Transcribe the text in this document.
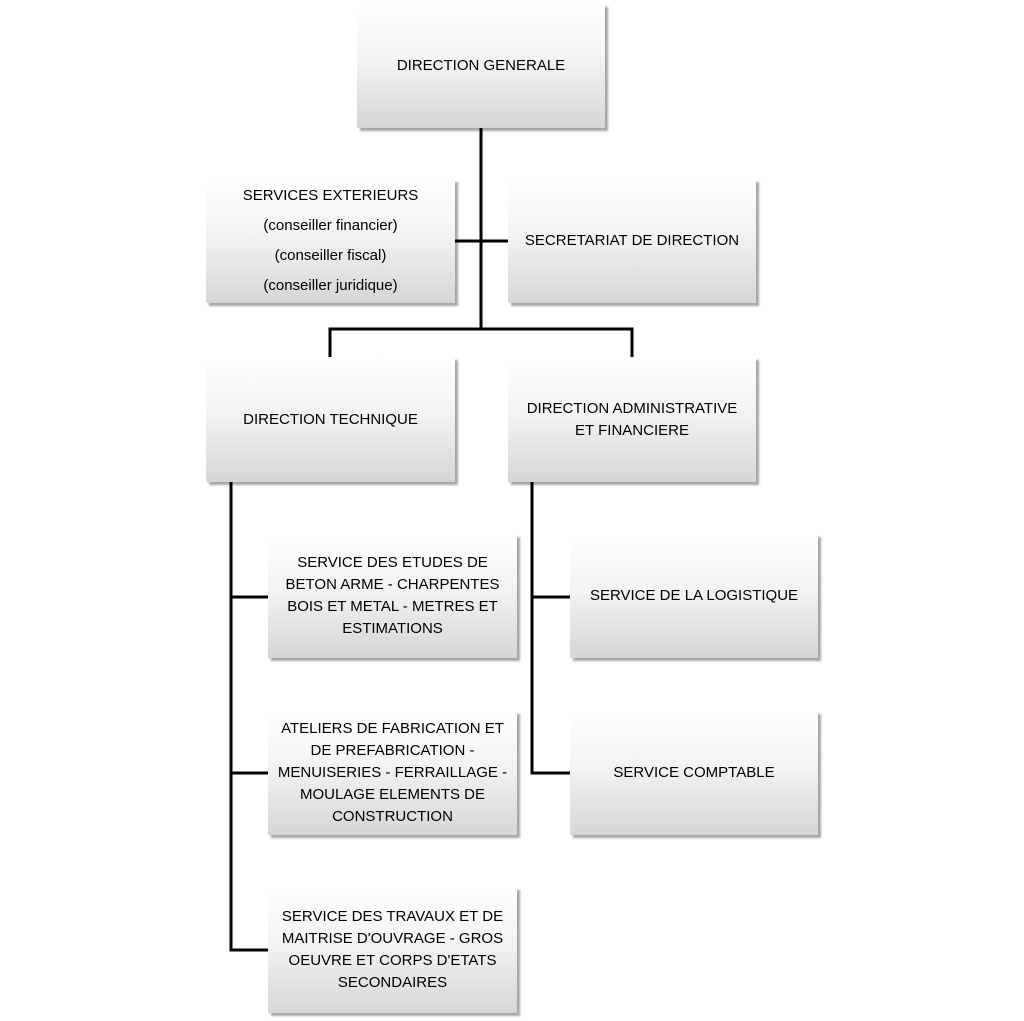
DIRECTION GENERALE
SERVICES EXTERIEURS
(conseiller financier)
(conseiller fiscal)
(conseiller juridique)
SECRETARIAT DE DIRECTION
DIRECTION TECHNIQUE
DIRECTION ADMINISTRATIVE
ET FINANCIERE
SERVICE DES ETUDES DE
BETON ARME - CHARPENTES
BOIS ET METAL - METRES ET
ESTIMATIONS
ATELIERS DE FABRICATION ET
DE PREFABRICATION -
MENUISERIES - FERRAILLAGE -
MOULAGE ELEMENTS DE
CONSTRUCTION
SERVICE DES TRAVAUX ET DE
MAITRISE D'OUVRAGE - GROS
OEUVRE ET CORPS D'ETATS
SECONDAIRES
SERVICE DE LA LOGISTIQUE
SERVICE COMPTABLE
